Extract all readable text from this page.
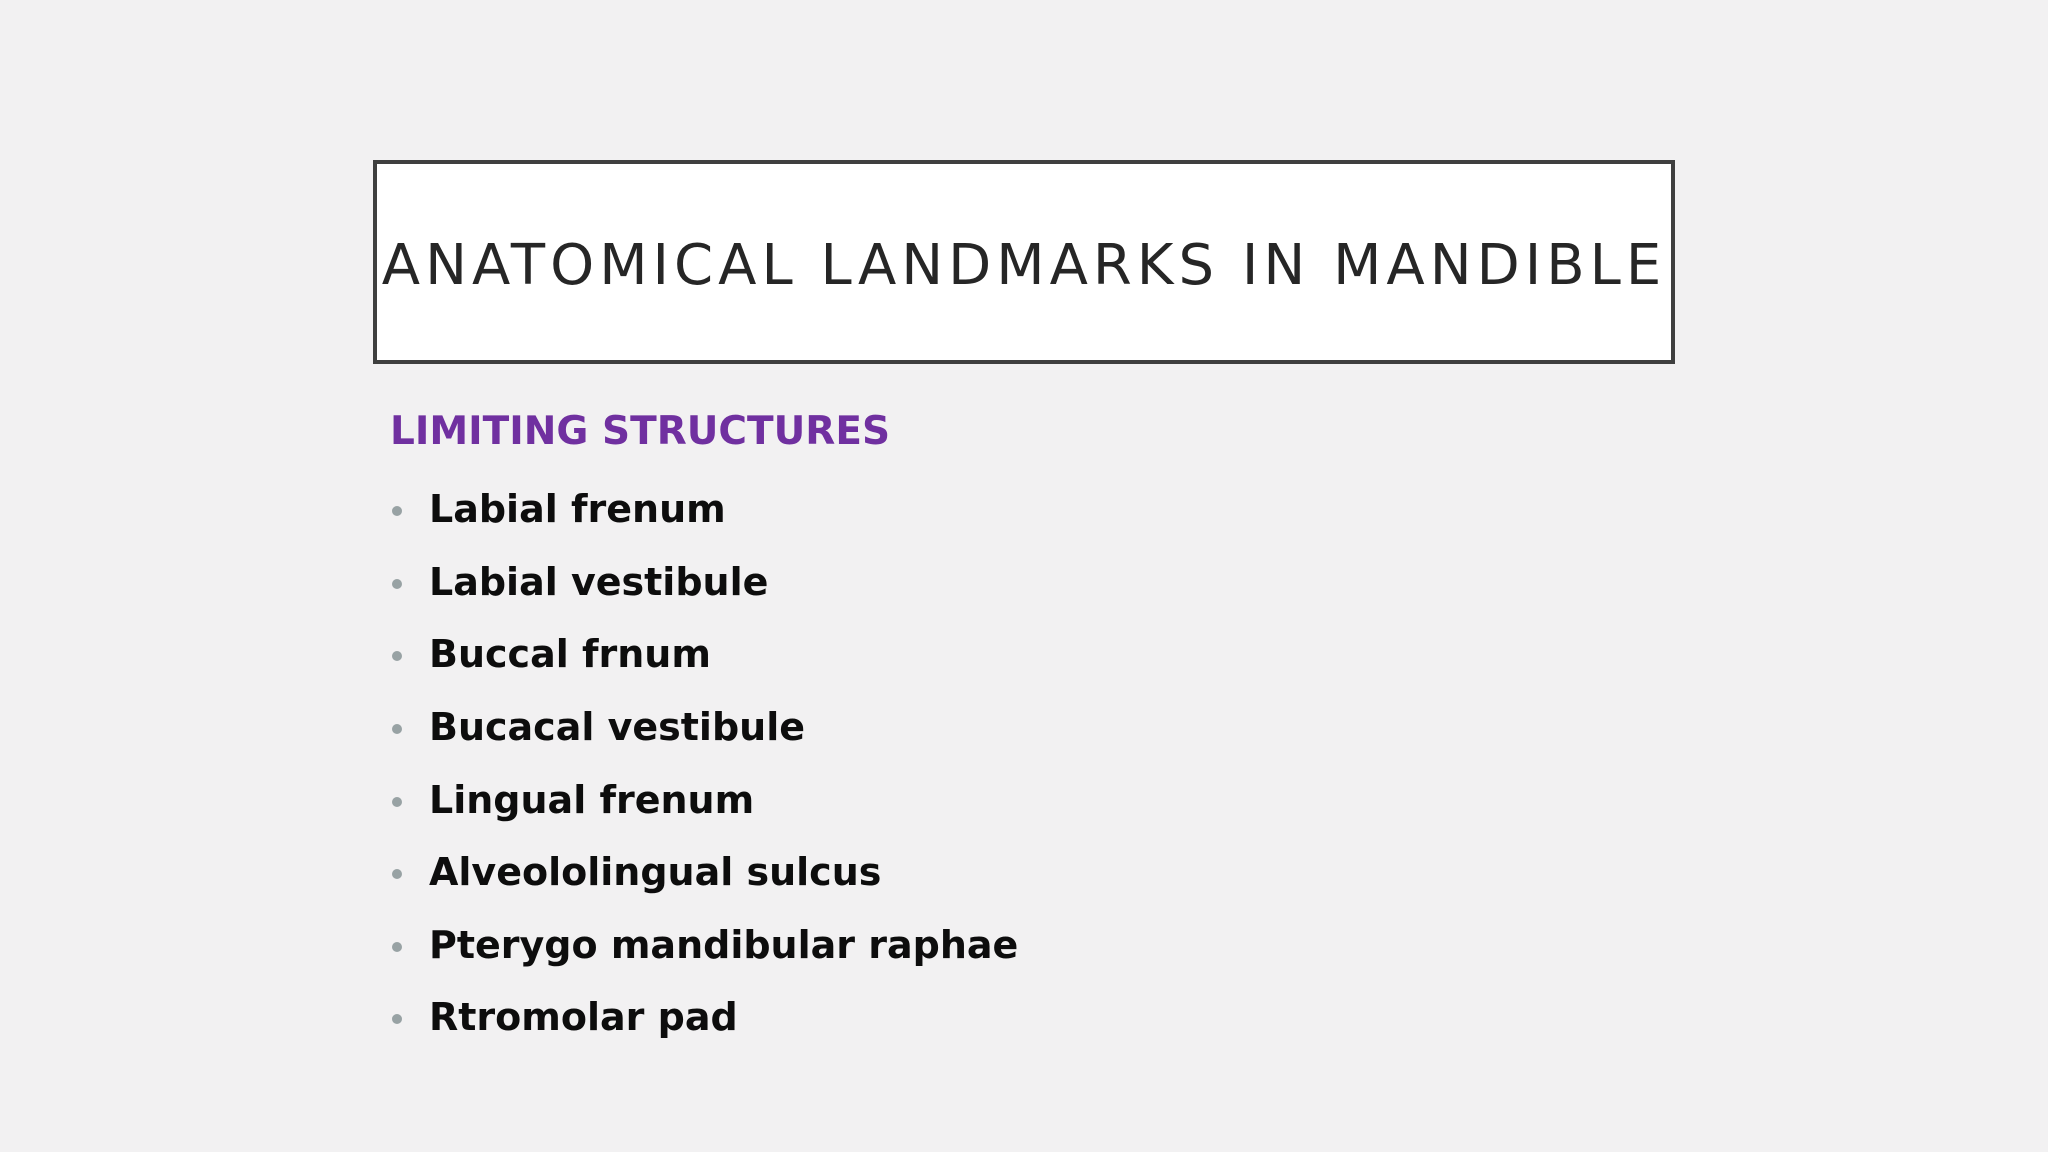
ANATOMICAL LANDMARKS IN MANDIBLE
LIMITING STRUCTURES
Labial frenum
Labial vestibule
Buccal frnum
Bucacal vestibule
Lingual frenum
Alveololingual sulcus
Pterygo mandibular raphae
Rtromolar pad
